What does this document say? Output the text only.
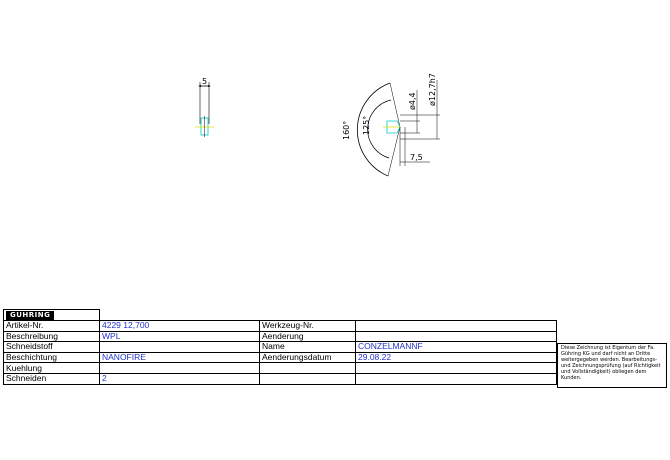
5
7,5
ø4,4 ø12,7h7
160° 125°
GÜHRING			
Artikel-Nr.	4229 12,700	Werkzeug-Nr.	
Beschreibung	WPL	Aenderung	
Schneidstoff		Name	CONZELMANNF
Beschichtung	NANOFIRE	Aenderungsdatum	29.08.22
Kuehlung			
Schneiden	2		
Diese Zeichnung ist Eigentum der Fa. Gühring KG und darf nicht an Dritte weitergegeben werden. Bearbeitungs- und Zeichnungsprüfung (auf Richtigkeit und Vollständigkeit) obliegen dem Kunden.
